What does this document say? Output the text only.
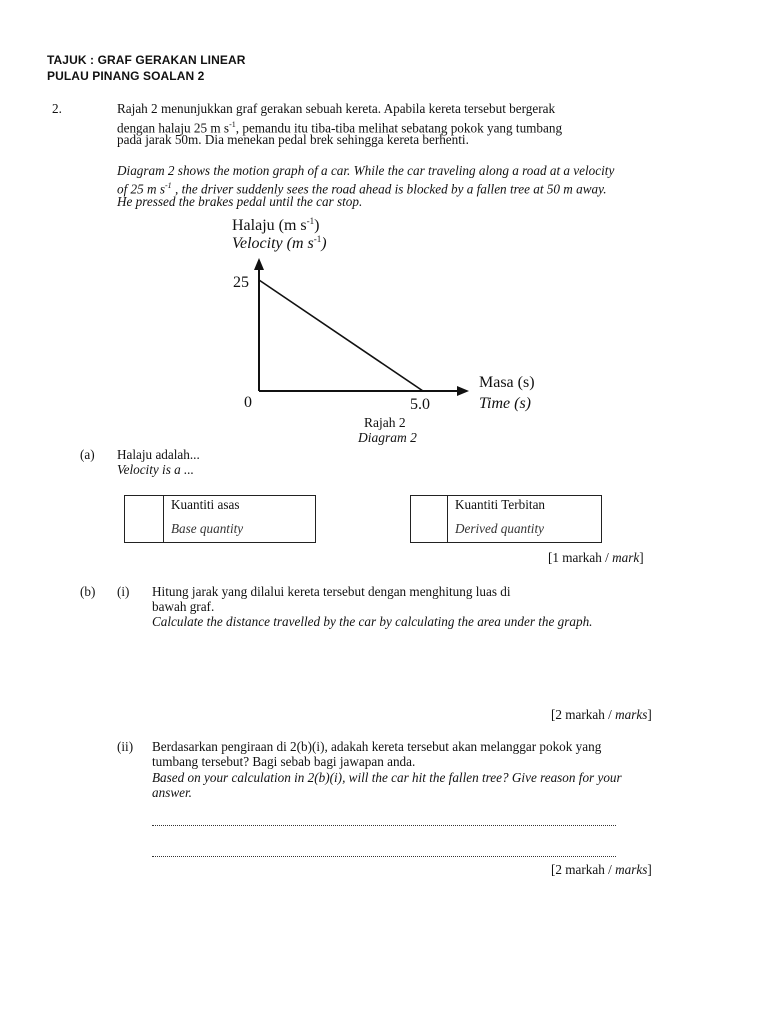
TAJUK : GRAF GERAKAN LINEAR
PULAU PINANG SOALAN 2
2.	Rajah 2 menunjukkan graf gerakan sebuah kereta. Apabila kereta tersebut bergerak
dengan halaju 25 m $s^{-1}$, pemandu itu tiba-tiba melihat sebatang pokok yang tumbang
pada jarak 50m. Dia menekan pedal brek sehingga kereta berhenti.
Diagram 2 shows the motion graph of a car. While the car traveling along a road at a velocity
of 25 m $s^{-1}$ , the driver suddenly sees the road ahead is blocked by a fallen tree at 50 m away.
He pressed the brakes pedal until the car stop.
Halaju (m $s^{-1}$)
Velocity (m $s^{-1}$)
25
0	5.0
Masa (s)
Time (s)
Rajah 2
Diagram 2
(a) Halaju adalah...
Velocity is a ...
Kuantiti asas
Base quantity
Kuantiti Terbitan
Derived quantity
[1 markah / mark]
(b) (i) Hitung jarak yang dilalui kereta tersebut dengan menghitung luas di
bawah graf.
Calculate the distance travelled by the car by calculating the area under the graph.
[2 markah / marks]
(ii) Berdasarkan pengiraan di 2(b)(i), adakah kereta tersebut akan melanggar pokok yang
tumbang tersebut? Bagi sebab bagi jawapan anda.
Based on your calculation in 2(b)(i), will the car hit the fallen tree? Give reason for your
answer.
[2 markah / marks]
